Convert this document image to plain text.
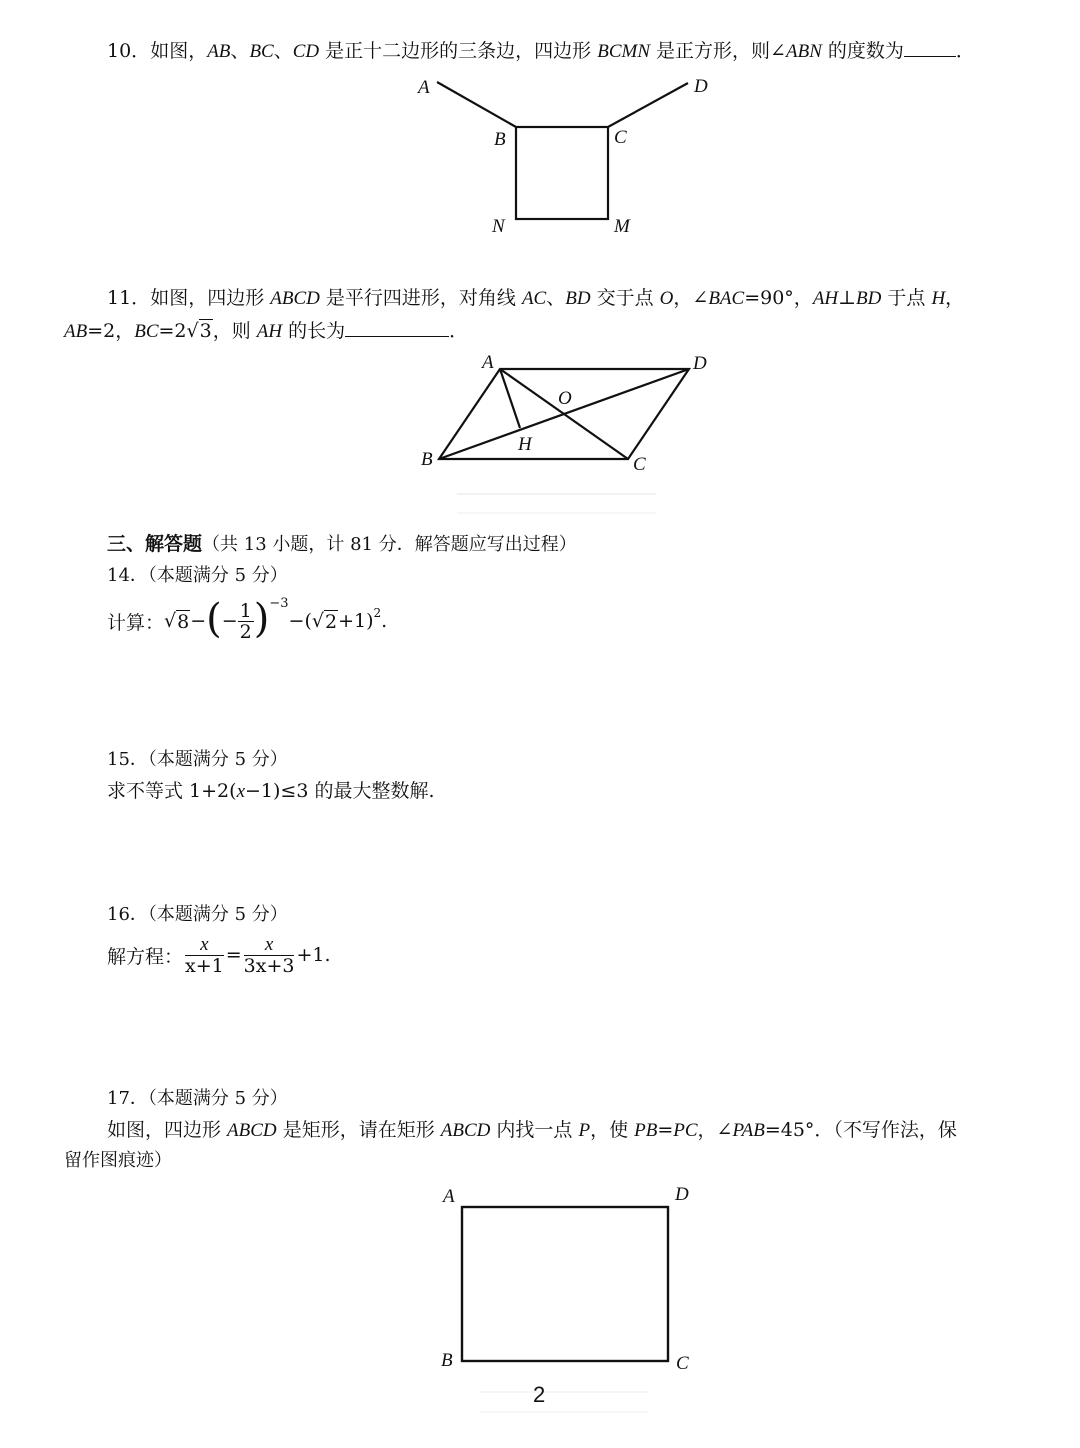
10．如图，AB、BC、CD 是正十二边形的三条边，四边形 BCMN 是正方形，则∠ABN 的度数为	．
A	D
B	C
N	M
11．如图，四边形 ABCD 是平行四进形，对角线 AC、BD 交于点 O，∠BAC=90°，AH⊥BD 于点 H，
AB=2，BC=2√3，则 AH 的长为	．
A	D
O
H
B	C
三、解答题（共 13 小题，计 81 分．解答题应写出过程）
14．（本题满分 5 分）
计算： √ 8 − ( − $\frac{1}{2}$ ) −3
−( √ 2 +1) 2 .
15．（本题满分 5 分）
求不等式 1+2(x−1)≤3 的最大整数解.
16．（本题满分 5 分）
解方程： $\frac{x}{x+1} = \frac{x}{3x+3} +1$.
17．（本题满分 5 分）
如图，四边形 ABCD 是矩形，请在矩形 ABCD 内找一点 P，使 PB=PC，∠PAB=45°．（不写作法，保
留作图痕迹）
A	D
B	C
2
